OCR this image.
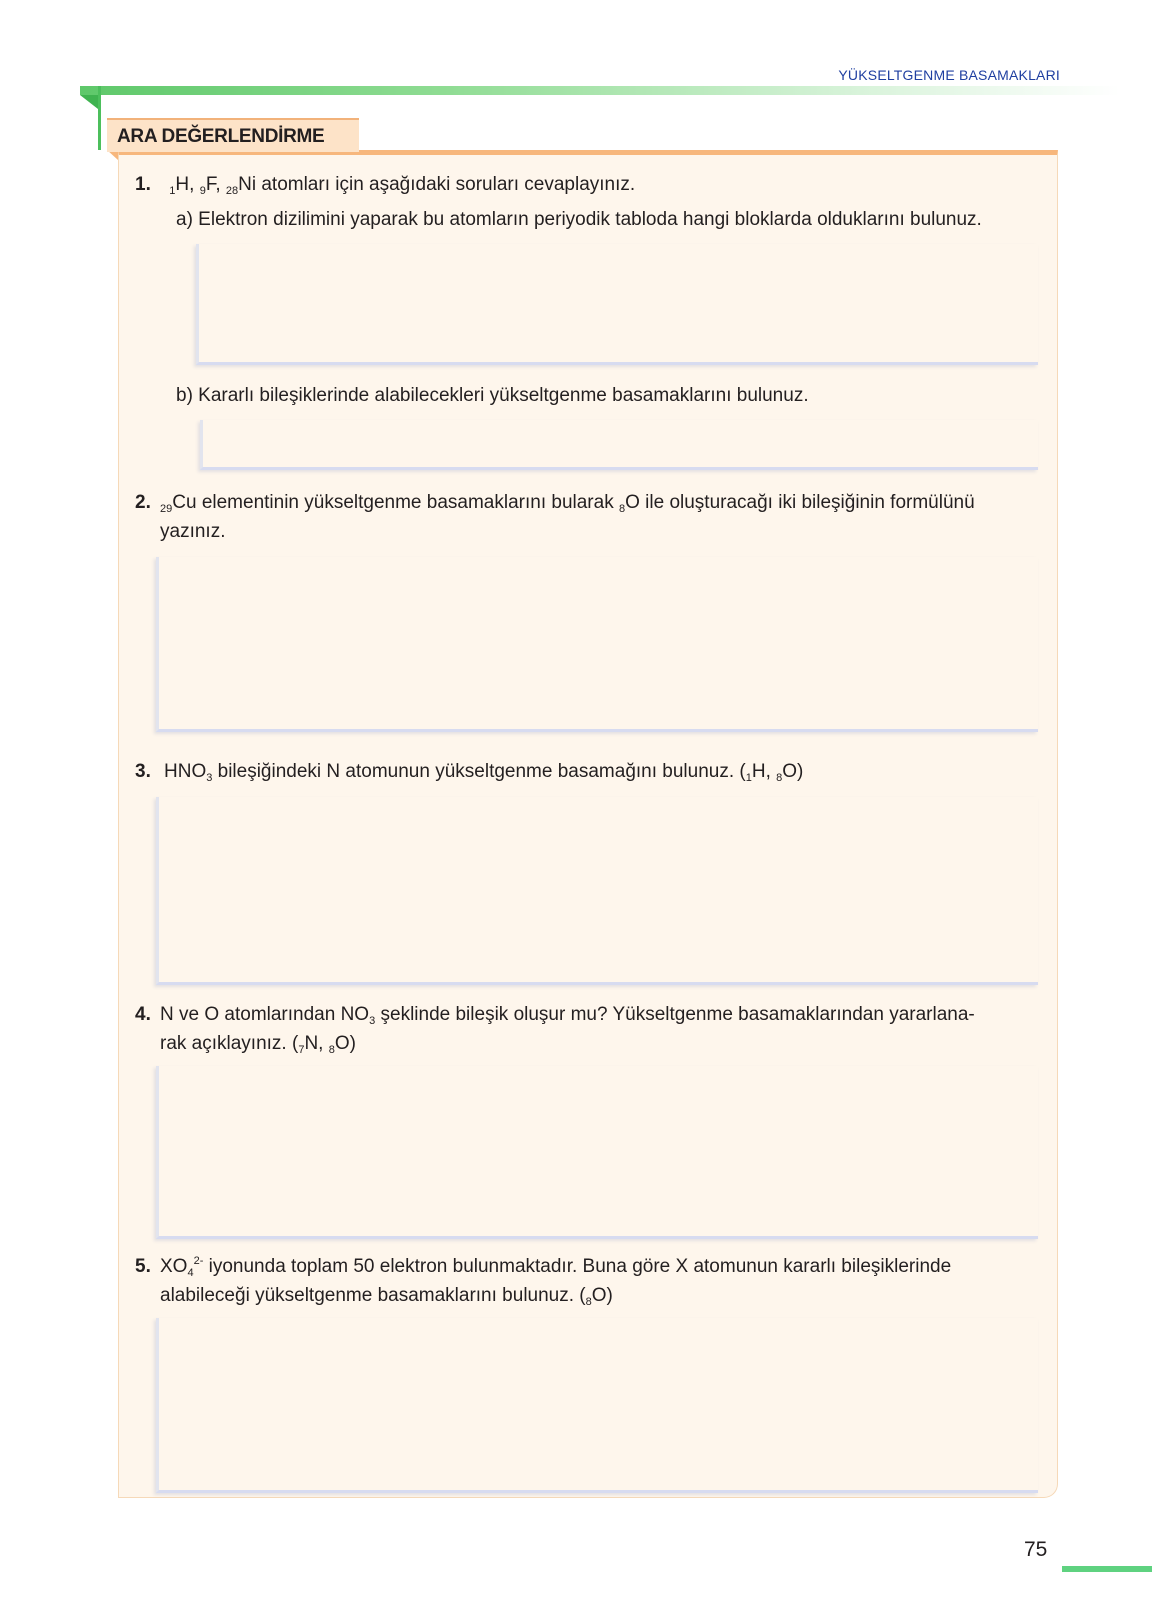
YÜKSELTGENME BASAMAKLARI
ARA DEĞERLENDİRME
1. $_1$H, $_9$F, $_{28}$Ni atomları için aşağıdaki soruları cevaplayınız.
a) Elektron dizilimini yaparak bu atomların periyodik tabloda hangi bloklarda olduklarını bulunuz.
b) Kararlı bileşiklerinde alabilecekleri yükseltgenme basamaklarını bulunuz.
2. $_{29}$Cu elementinin yükseltgenme basamaklarını bularak $_8$O ile oluşturacağı iki bileşiğinin formülünü
yazınız.
3. $HNO_3$ bileşiğindeki N atomunun yükseltgenme basamağını bulunuz. ($_1H$, $_8$O)
4. N ve O atomlarından $NO_3$ şeklinde bileşik oluşur mu? Yükseltgenme basamaklarından yararlana-
rak açıklayınız. ($_7N$, $_8$O)
5. $XO_4^{2-}$ iyonunda toplam 50 elektron bulunmaktadır. Buna göre X atomunun kararlı bileşiklerinde
alabileceği yükseltgenme basamaklarını bulunuz. $(_8O)$
75
